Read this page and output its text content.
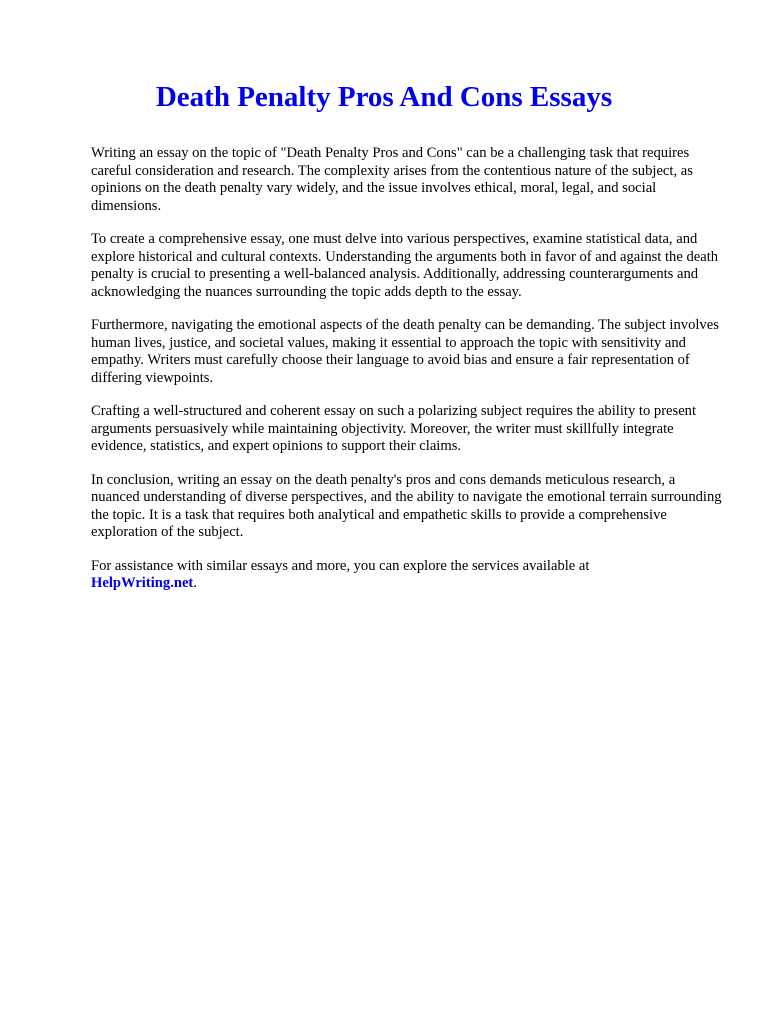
Death Penalty Pros And Cons Essays

Writing an essay on the topic of "Death Penalty Pros and Cons" can be a challenging task that requires careful consideration and research. The complexity arises from the contentious nature of the subject, as opinions on the death penalty vary widely, and the issue involves ethical, moral, legal, and social dimensions.

To create a comprehensive essay, one must delve into various perspectives, examine statistical data, and explore historical and cultural contexts. Understanding the arguments both in favor of and against the death penalty is crucial to presenting a well-balanced analysis. Additionally, addressing counterarguments and acknowledging the nuances surrounding the topic adds depth to the essay.

Furthermore, navigating the emotional aspects of the death penalty can be demanding. The subject involves human lives, justice, and societal values, making it essential to approach the topic with sensitivity and empathy. Writers must carefully choose their language to avoid bias and ensure a fair representation of differing viewpoints.

Crafting a well-structured and coherent essay on such a polarizing subject requires the ability to present arguments persuasively while maintaining objectivity. Moreover, the writer must skillfully integrate evidence, statistics, and expert opinions to support their claims.

In conclusion, writing an essay on the death penalty's pros and cons demands meticulous research, a nuanced understanding of diverse perspectives, and the ability to navigate the emotional terrain surrounding the topic. It is a task that requires both analytical and empathetic skills to provide a comprehensive exploration of the subject.

For assistance with similar essays and more, you can explore the services available at
HelpWriting.net.
